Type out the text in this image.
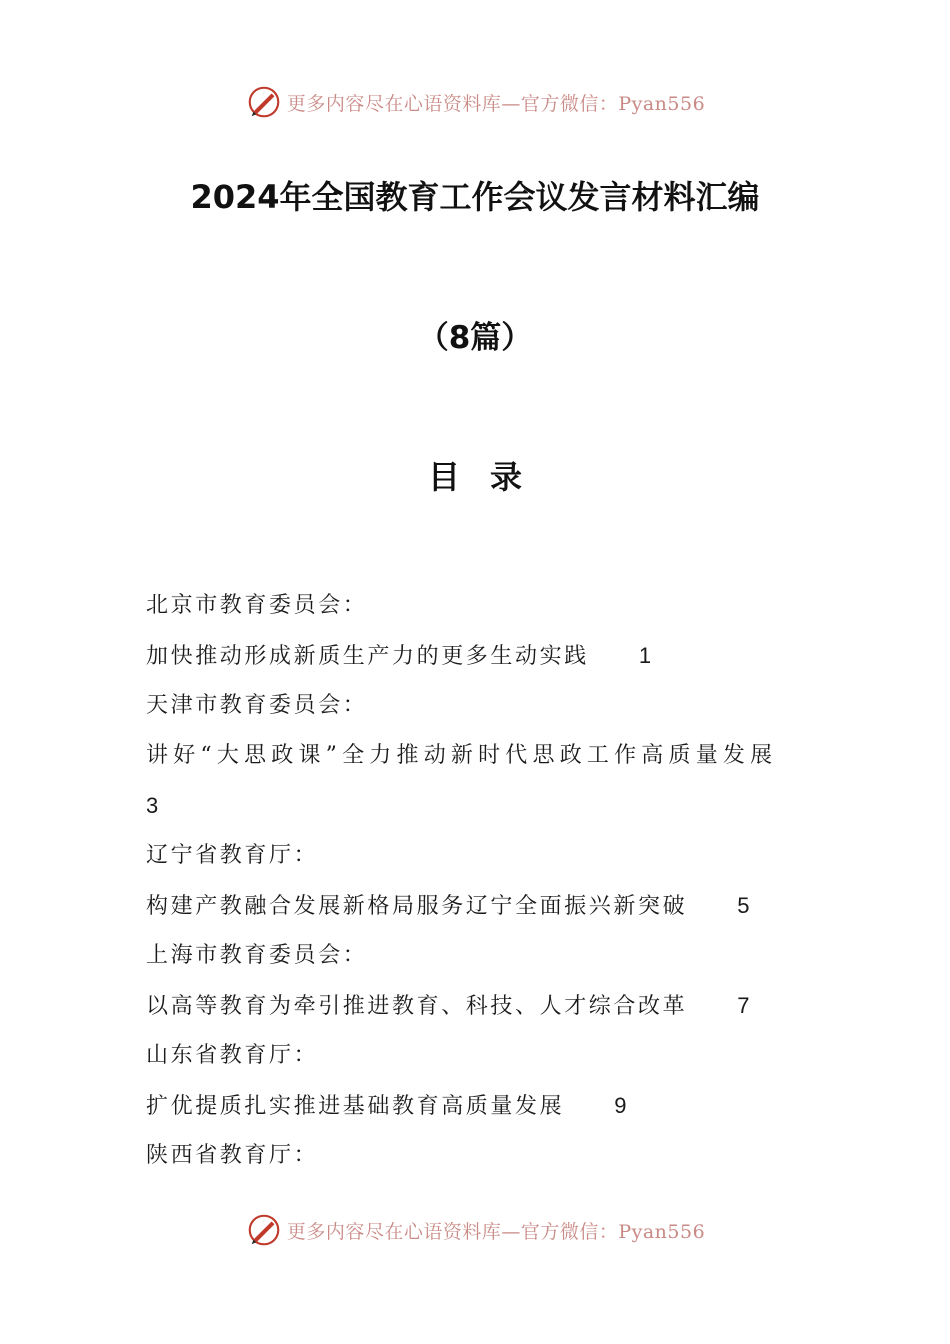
更多内容尽在心语资料库—官方微信：Pyan556
2024年全国教育工作会议发言材料汇编
（8篇）
目录
北京市教育委员会：
加快推动形成新质生产力的更多生动实践 1
天津市教育委员会：
讲好“大思政课”全力推动新时代思政工作高质量发展
3
辽宁省教育厅：
构建产教融合发展新格局服务辽宁全面振兴新突破 5
上海市教育委员会：
以高等教育为牵引推进教育、科技、人才综合改革 7
山东省教育厅：
扩优提质扎实推进基础教育高质量发展 9
陕西省教育厅：
更多内容尽在心语资料库—官方微信：Pyan556
